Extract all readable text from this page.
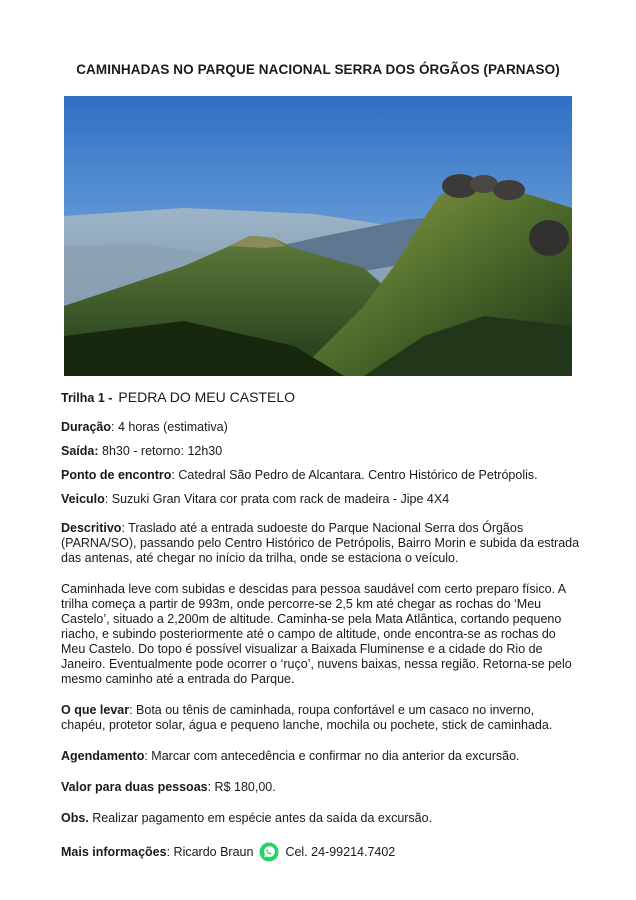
CAMINHADAS NO PARQUE NACIONAL SERRA DOS ÓRGÃOS (PARNASO)
Trilha 1 - PEDRA DO MEU CASTELO

Duração: 4 horas (estimativa)

Saída: 8h30 - retorno: 12h30

Ponto de encontro: Catedral São Pedro de Alcantara. Centro Histórico de Petrópolis.

Veiculo: Suzuki Gran Vitara cor prata com rack de madeira - Jipe 4X4

Descritivo: Traslado até a entrada sudoeste do Parque Nacional Serra dos Órgãos (PARNA/SO), passando pelo Centro Histórico de Petrópolis, Bairro Morin e subida da estrada das antenas, até chegar no início da trilha, onde se estaciona o veículo.

Caminhada leve com subidas e descidas para pessoa saudável com certo preparo físico. A trilha começa a partir de 993m, onde percorre-se 2,5 km até chegar as rochas do ‘Meu Castelo’, situado a 2,200m de altitude. Caminha-se pela Mata Atlântica, cortando pequeno riacho, e subindo posteriormente até o campo de altitude, onde encontra-se as rochas do Meu Castelo. Do topo é possível visualizar a Baixada Fluminense e a cidade do Rio de Janeiro. Eventualmente pode ocorrer o ‘ruço’, nuvens baixas, nessa região. Retorna-se pelo mesmo caminho até a entrada do Parque.

O que levar: Bota ou tênis de caminhada, roupa confortável e um casaco no inverno, chapéu, protetor solar, água e pequeno lanche, mochila ou pochete, stick de caminhada.

Agendamento: Marcar com antecedência e confirmar no dia anterior da excursão.

Valor para duas pessoas: R$ 180,00.

Obs. Realizar pagamento em espécie antes da saída da excursão.

Mais informações : Ricardo Braun	Cel. 24-99214.7402
